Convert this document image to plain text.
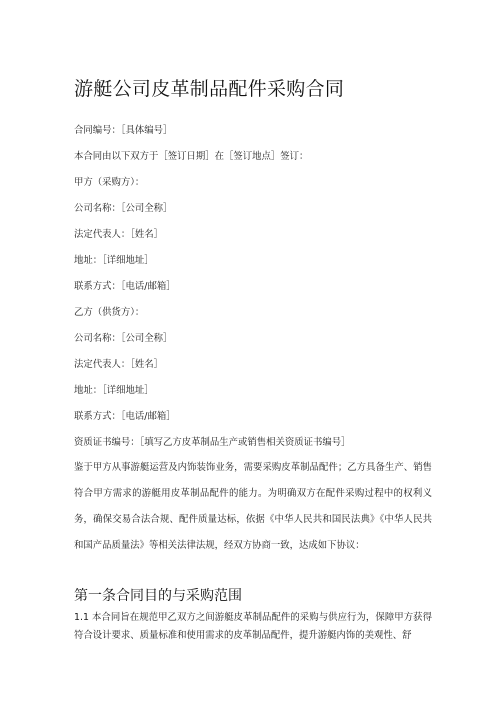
游艇公司皮革制品配件采购合同
合同编号：［具体编号］
本合同由以下双方于［签订日期］在［签订地点］签订：
甲方（采购方）：
公司名称：［公司全称］
法定代表人：［姓名］
地址：［详细地址］
联系方式：［电话/邮箱］
乙方（供货方）：
公司名称：［公司全称］
法定代表人：［姓名］
地址：［详细地址］
联系方式：［电话/邮箱］
资质证书编号：［填写乙方皮革制品生产或销售相关资质证书编号］
鉴于甲方从事游艇运营及内饰装饰业务，需要采购皮革制品配件；乙方具备生产、销售符合甲方需求的游艇用皮革制品配件的能力。为明确双方在配件采购过程中的权利义务，确保交易合法合规、配件质量达标，依据《中华人民共和国民法典》《中华人民共和国产品质量法》等相关法律法规，经双方协商一致，达成如下协议：
第一条合同目的与采购范围
1.1 本合同旨在规范甲乙双方之间游艇皮革制品配件的采购与供应行为，保障甲方获得符合设计要求、质量标准和使用需求的皮革制品配件，提升游艇内饰的美观性、舒
